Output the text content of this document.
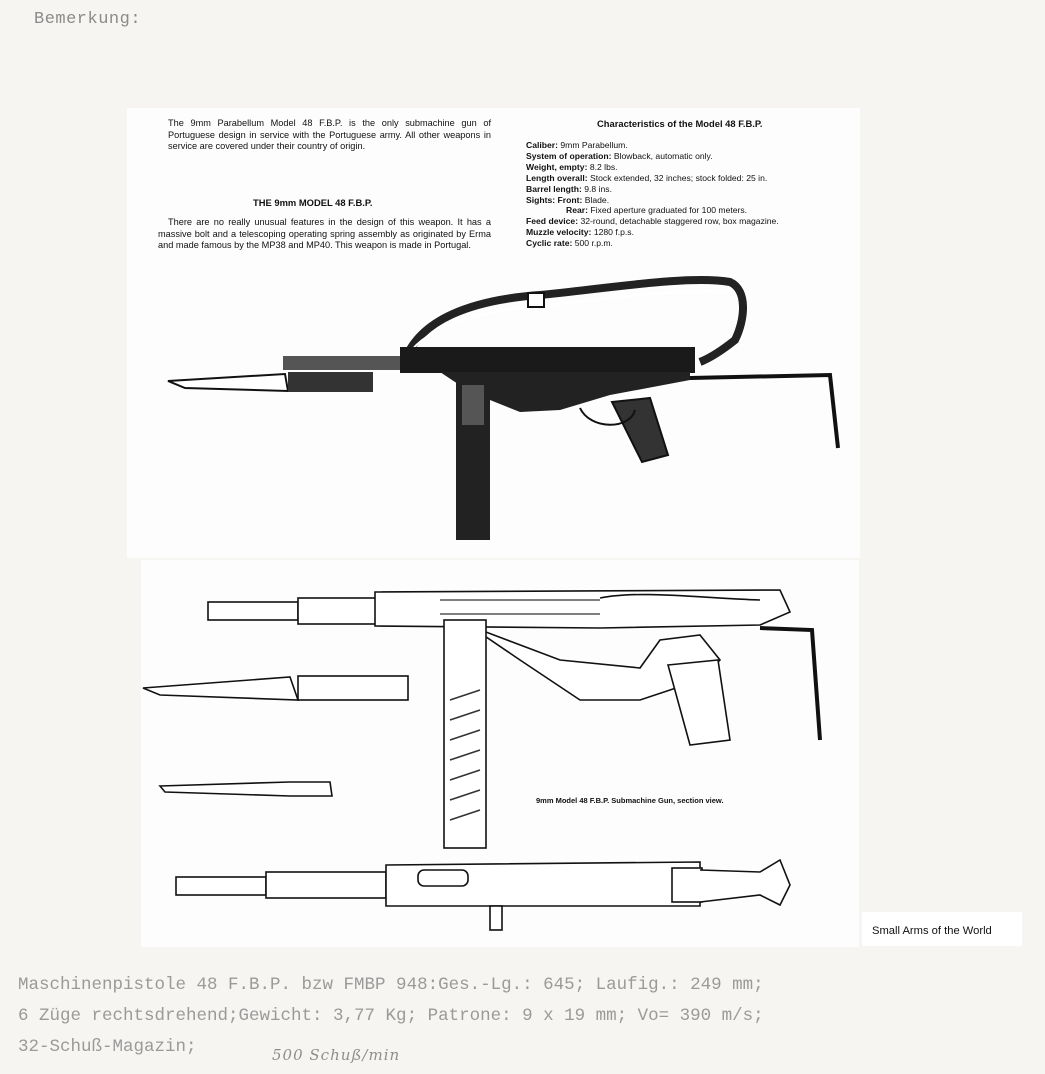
Bemerkung:
The 9mm Parabellum Model 48 F.B.P. is the only submachine gun of Portuguese design in service with the Portuguese army. All other weapons in service are covered under their country of origin.
THE 9mm MODEL 48 F.B.P.
There are no really unusual features in the design of this weapon. It has a massive bolt and a telescoping operating spring assembly as originated by Erma and made famous by the MP38 and MP40. This weapon is made in Portugal.
Characteristics of the Model 48 F.B.P.
Caliber: 9mm Parabellum.
System of operation: Blowback, automatic only.
Weight, empty: 8.2 lbs.
Length overall: Stock extended, 32 inches; stock folded: 25 in.
Barrel length: 9.8 ins.
Sights: Front: Blade.
Rear: Fixed aperture graduated for 100 meters.
Feed device: 32-round, detachable staggered row, box magazine.
Muzzle velocity: 1280 f.p.s.
Cyclic rate: 500 r.p.m.
9mm Model 48 F.B.P. Submachine Gun, section view.
Small Arms of the World
Maschinenpistole 48 F.B.P. bzw FMBP 948:Ges.-Lg.: 645; Laufig.: 249 mm;
6 Züge rechtsdrehend;Gewicht: 3,77 Kg; Patrone: 9 x 19 mm; Vo= 390 m/s;
32-Schuß-Magazin;	500 Schuß/min
